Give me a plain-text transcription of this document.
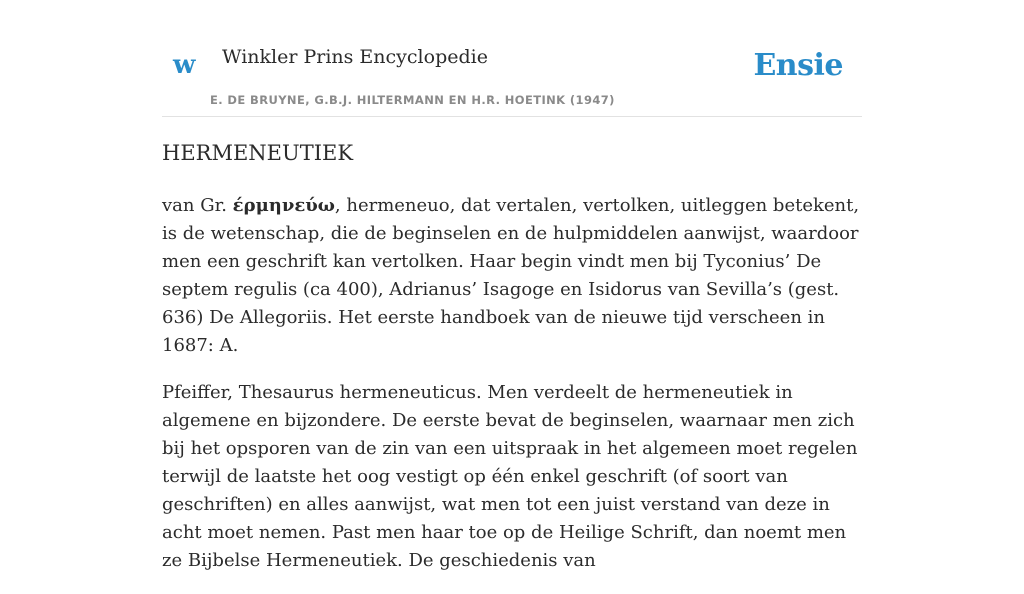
w Winkler Prins Encyclopedie
E. DE BRUYNE, G.B.J. HILTERMANN EN H.R. HOETINK (1947)
Ensie
HERMENEUTIEK

van Gr. έρμηνεύω, hermeneuo, dat vertalen, vertolken, uitleggen betekent, is de wetenschap, die de beginselen en de hulpmiddelen aanwijst, waardoor men een geschrift kan vertolken. Haar begin vindt men bij Tyconius’ De septem regulis (ca 400), Adrianus’ Isagoge en Isidorus van Sevilla’s (gest. 636) De Allegoriis. Het eerste handboek van de nieuwe tijd verscheen in 1687: A.

Pfeiffer, Thesaurus hermeneuticus. Men verdeelt de hermeneutiek in algemene en bijzondere. De eerste bevat de beginselen, waarnaar men zich bij het opsporen van de zin van een uitspraak in het algemeen moet regelen terwijl de laatste het oog vestigt op één enkel geschrift (of soort van geschriften) en alles aanwijst, wat men tot een juist verstand van deze in acht moet nemen. Past men haar toe op de Heilige Schrift, dan noemt men ze Bijbelse Hermeneutiek. De geschiedenis van
